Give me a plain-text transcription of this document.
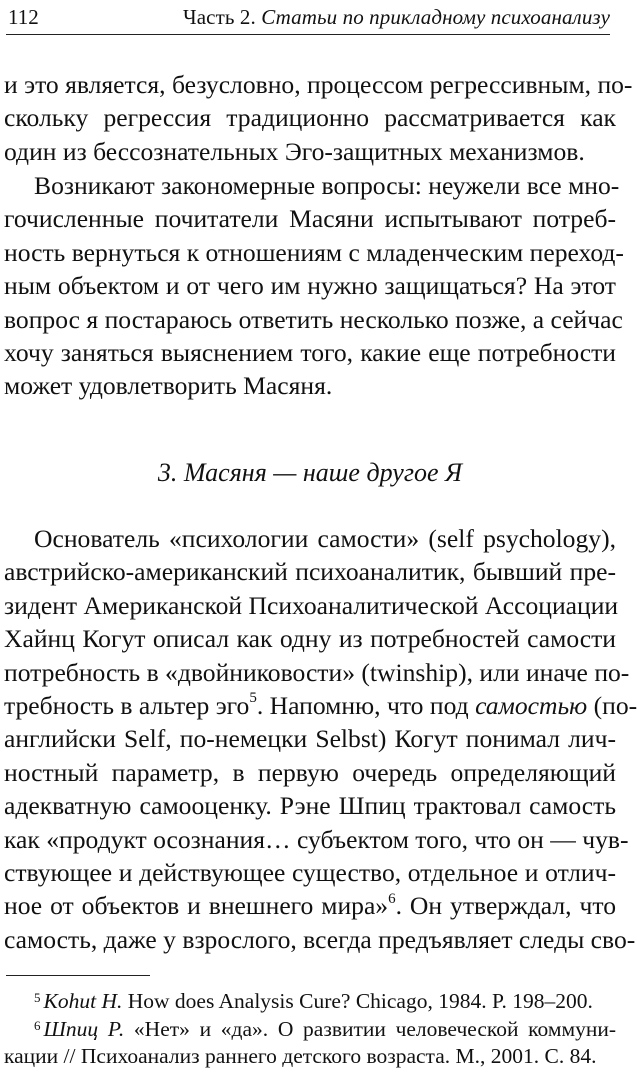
112	Часть 2. Статьи по прикладному психоанализу
и это является, безусловно, процессом регрессивным, по-
скольку регрессия традиционно рассматривается как
один из бессознательных Эго-защитных механизмов.
Возникают закономерные вопросы: неужели все мно-
гочисленные почитатели Масяни испытывают потреб-
ность вернуться к отношениям с младенческим переход-
ным объектом и от чего им нужно защищаться? На этот
вопрос я постараюсь ответить несколько позже, а сейчас
хочу заняться выяснением того, какие еще потребности
может удовлетворить Масяня.
3. Масяня — наше другое Я
Основатель «психологии самости» (self psychology),
австрийско-американский психоаналитик, бывший пре-
зидент Американской Психоаналитической Ассоциации
Хайнц Когут описал как одну из потребностей самости
потребность в «двойниковости» (twinship), или иначе по-
требность в альтер эго$^5$. Напомню, что под самостью (по-
английски Self, по-немецки Selbst) Когут понимал лич-
ностный параметр, в первую очередь определяющий
адекватную самооценку. Рэне Шпиц трактовал самость
как «продукт осознания… субъектом того, что он — чув-
ствующее и действующее существо, отдельное и отлич-
ное от объектов и внешнего мира»$^6$. Он утверждал, что
самость, даже у взрослого, всегда предъявляет следы сво-
$^5$ Kohut H. How does Analysis Cure? Chicago, 1984. P. 198–200.
$^6$ Шпиц Р. «Нет» и «да». О развитии человеческой коммуни-
кации // Психоанализ раннего детского возраста. М., 2001. С. 84.
